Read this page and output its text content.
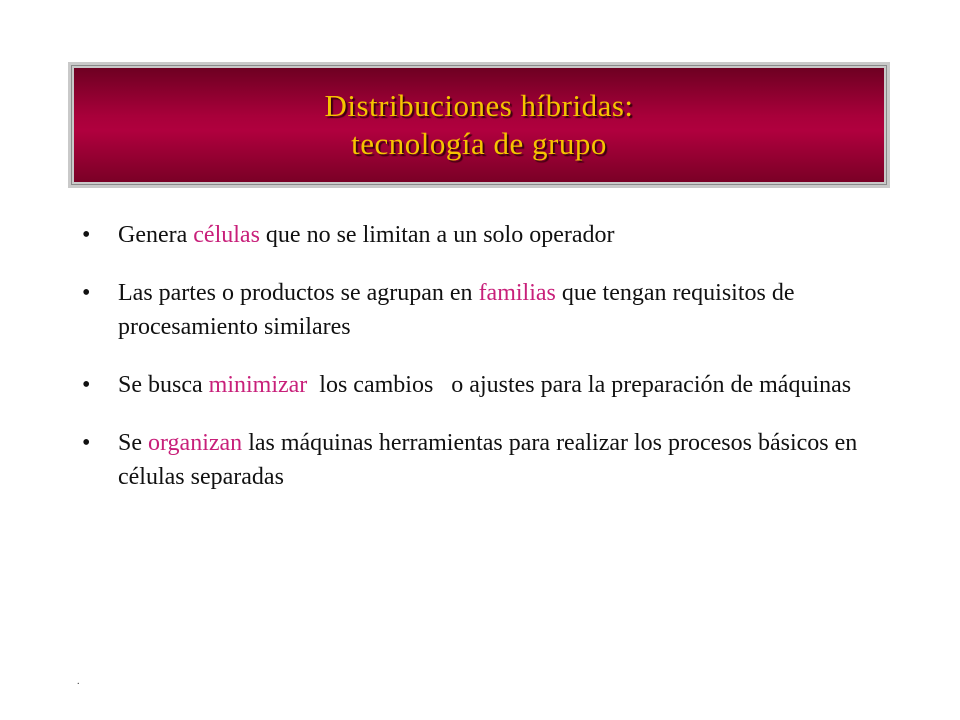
Distribuciones híbridas:
tecnología de grupo
•	Genera células que no se limitan a un solo operador
•	Las partes o productos se agrupan en familias que tengan requisitos de procesamiento similares
•	Se busca minimizar  los cambios   o ajustes para la preparación de máquinas
•	Se organizan las máquinas herramientas para realizar los procesos básicos en células separadas
.
